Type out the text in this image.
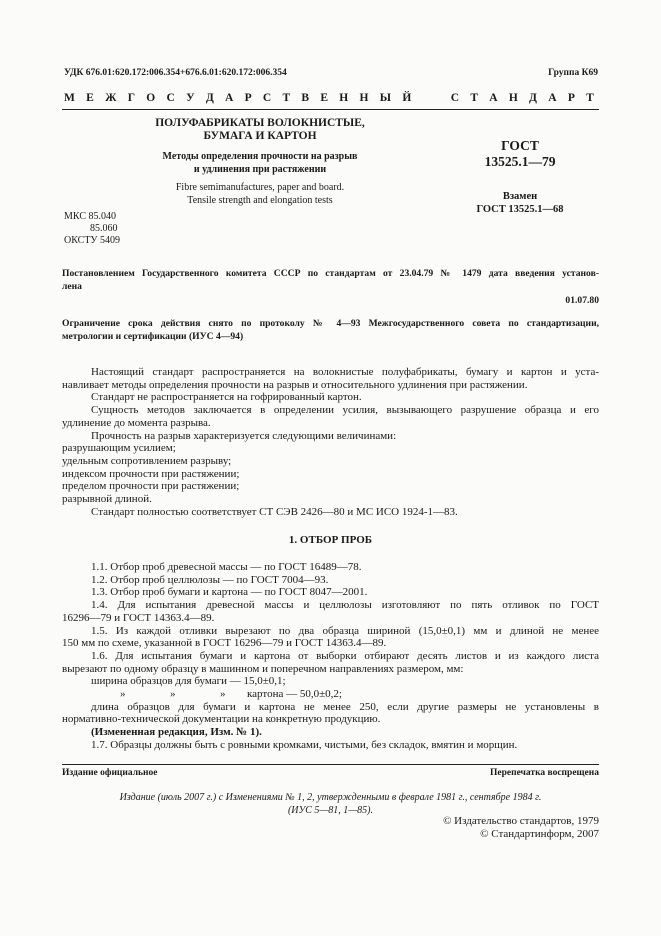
УДК 676.01:620.172:006.354+676.6.01:620.172:006.354	Группа К69
М Е Ж Г О С У Д А Р С Т В Е Н Н Ы Й	С Т А Н Д А Р Т
ПОЛУФАБРИКАТЫ ВОЛОКНИСТЫЕ,
БУМАГА И КАРТОН
Методы определения прочности на разрыв
и удлинения при растяжении
Fibre semimanufactures, paper and board.
Tensile strength and elongation tests
ГОСТ
13525.1—79
Взамен
ГОСТ 13525.1—68
МКС 85.040
85.060
ОКСТУ 5409
Постановлением Государственного комитета СССР по стандартам от 23.04.79 № 1479 дата введения установ-
лена
01.07.80
Ограничение срока действия снято по протоколу № 4—93 Межгосударственного совета по стандартизации,
метрологии и сертификации (ИУС 4—94)
Настоящий стандарт распространяется на волокнистые полуфабрикаты, бумагу и картон и уста-
навливает методы определения прочности на разрыв и относительного удлинения при растяжении.
Стандарт не распространяется на гофрированный картон.
Сущность методов заключается в определении усилия, вызывающего разрушение образца и его
удлинение до момента разрыва.
Прочность на разрыв характеризуется следующими величинами:
разрушающим усилием;
удельным сопротивлением разрыву;
индексом прочности при растяжении;
пределом прочности при растяжении;
разрывной длиной.
Стандарт полностью соответствует СТ СЭВ 2426—80 и МС ИСО 1924-1—83.
1. ОТБОР ПРОБ
1.1. Отбор проб древесной массы — по ГОСТ 16489—78.
1.2. Отбор проб целлюлозы — по ГОСТ 7004—93.
1.3. Отбор проб бумаги и картона — по ГОСТ 8047—2001.
1.4. Для испытания древесной массы и целлюлозы изготовляют по пять отливок по ГОСТ
16296—79 и ГОСТ 14363.4—89.
1.5. Из каждой отливки вырезают по два образца шириной (15,0±0,1) мм и длиной не менее
150 мм по схеме, указанной в ГОСТ 16296—79 и ГОСТ 14363.4—89.
1.6. Для испытания бумаги и картона от выборки отбирают десять листов и из каждого листа
вырезают по одному образцу в машинном и поперечном направлениях размером, мм:
ширина образцов для бумаги — 15,0±0,1;
»	»	» картона — 50,0±0,2;
длина образцов для бумаги и картона не менее 250, если другие размеры не установлены в
нормативно-технической документации на конкретную продукцию.
(Измененная редакция, Изм. № 1).
1.7. Образцы должны быть с ровными кромками, чистыми, без складок, вмятин и морщин.
Издание официальное	Перепечатка воспрещена
Издание (июль 2007 г.) с Изменениями № 1, 2, утвержденными в феврале 1981 г., сентябре 1984 г.
(ИУС 5—81, 1—85).
© Издательство стандартов, 1979
© Стандартинформ, 2007
